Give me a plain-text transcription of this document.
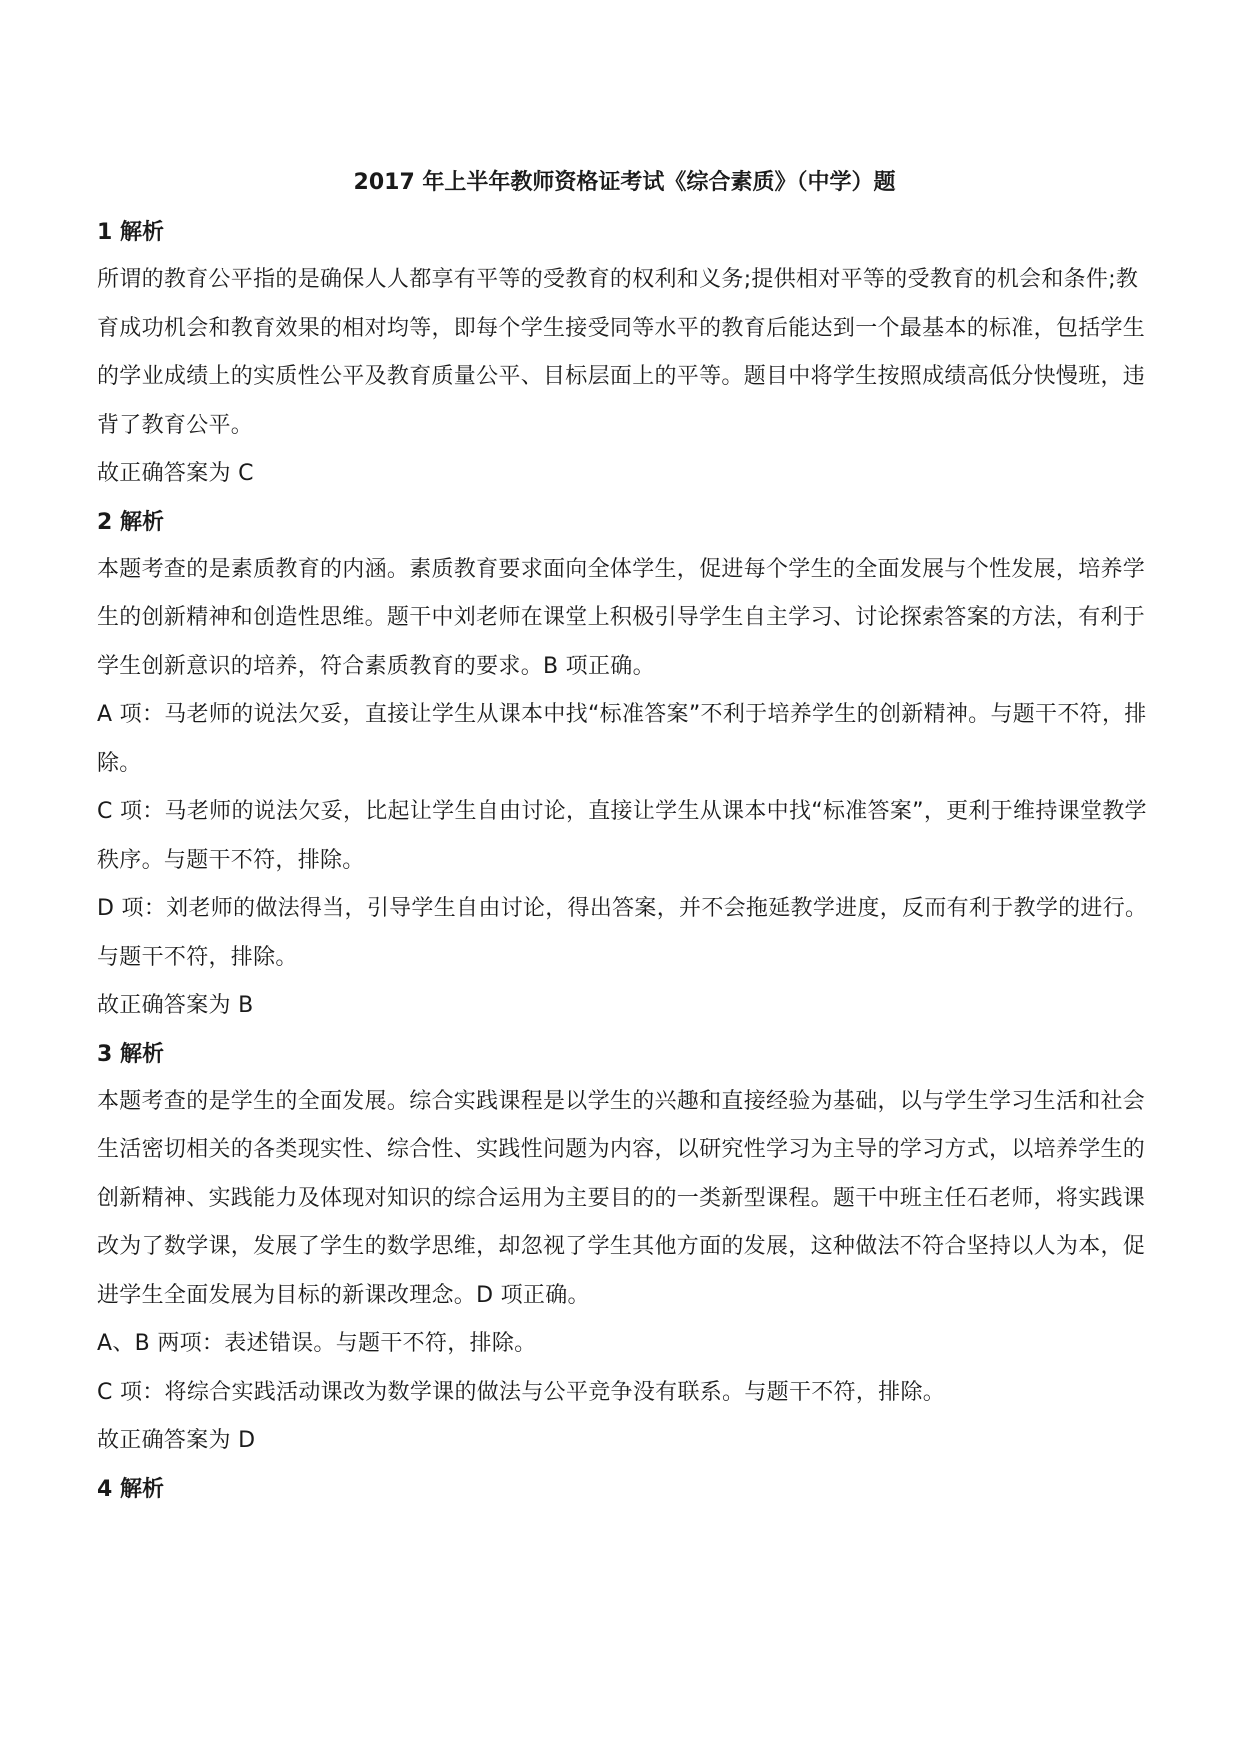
2017 年上半年教师资格证考试《综合素质》（中学）题
1 解析

所谓的教育公平指的是确保人人都享有平等的受教育的权利和义务;提供相对平等的受教育的机会和条件;教育成功机会和教育效果的相对均等，即每个学生接受同等水平的教育后能达到一个最基本的标准，包括学生的学业成绩上的实质性公平及教育质量公平、目标层面上的平等。题目中将学生按照成绩高低分快慢班，违背了教育公平。

故正确答案为 C

2 解析

本题考查的是素质教育的内涵。素质教育要求面向全体学生，促进每个学生的全面发展与个性发展，培养学生的创新精神和创造性思维。题干中刘老师在课堂上积极引导学生自主学习、讨论探索答案的方法，有利于学生创新意识的培养，符合素质教育的要求。B 项正确。

A 项：马老师的说法欠妥，直接让学生从课本中找“标准答案”不利于培养学生的创新精神。与题干不符，排除。

C 项：马老师的说法欠妥，比起让学生自由讨论，直接让学生从课本中找“标准答案”，更利于维持课堂教学秩序。与题干不符，排除。

D 项：刘老师的做法得当，引导学生自由讨论，得出答案，并不会拖延教学进度，反而有利于教学的进行。与题干不符，排除。

故正确答案为 B

3 解析

本题考查的是学生的全面发展。综合实践课程是以学生的兴趣和直接经验为基础，以与学生学习生活和社会生活密切相关的各类现实性、综合性、实践性问题为内容，以研究性学习为主导的学习方式，以培养学生的创新精神、实践能力及体现对知识的综合运用为主要目的的一类新型课程。题干中班主任石老师，将实践课改为了数学课，发展了学生的数学思维，却忽视了学生其他方面的发展，这种做法不符合坚持以人为本，促进学生全面发展为目标的新课改理念。D 项正确。

A、B 两项：表述错误。与题干不符，排除。

C 项：将综合实践活动课改为数学课的做法与公平竞争没有联系。与题干不符，排除。

故正确答案为 D

4 解析
